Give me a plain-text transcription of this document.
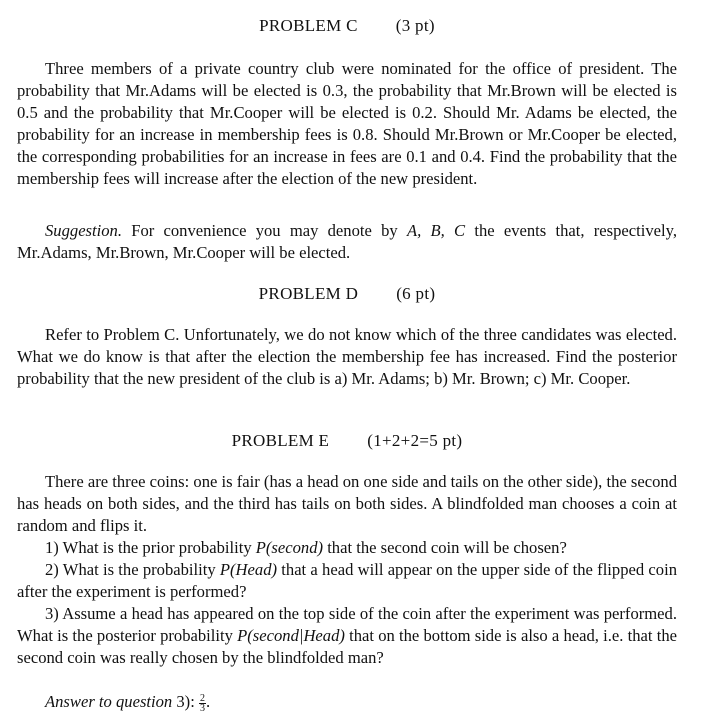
PROBLEM C (3 pt)

Three members of a private country club were nominated for the office of president. The probability that Mr.Adams will be elected is 0.3, the probability that Mr.Brown will be elected is 0.5 and the probability that Mr.Cooper will be elected is 0.2. Should Mr. Adams be elected, the probability for an increase in membership fees is 0.8. Should Mr.Brown or Mr.Cooper be elected, the corresponding probabilities for an increase in fees are 0.1 and 0.4. Find the probability that the membership fees will increase after the election of the new president.

Suggestion. For convenience you may denote by A, B, C the events that, respectively, Mr.Adams, Mr.Brown, Mr.Cooper will be elected.

PROBLEM D (6 pt)

Refer to Problem C. Unfortunately, we do not know which of the three candidates was elected. What we do know is that after the election the membership fee has increased. Find the posterior probability that the new president of the club is a) Mr. Adams; b) Mr. Brown; c) Mr. Cooper.

PROBLEM E (1+2+2=5 pt)

There are three coins: one is fair (has a head on one side and tails on the other side), the second has heads on both sides, and the third has tails on both sides. A blindfolded man chooses a coin at random and flips it.

1) What is the prior probability P(second) that the second coin will be chosen?

2) What is the probability P(Head) that a head will appear on the upper side of the flipped coin after the experiment is performed?

3) Assume a head has appeared on the top side of the coin after the experiment was performed. What is the posterior probability P(second|Head) that on the bottom side is also a head, i.e. that the second coin was really chosen by the blindfolded man?

Answer to question 3): $\frac{2}{3}$ .
